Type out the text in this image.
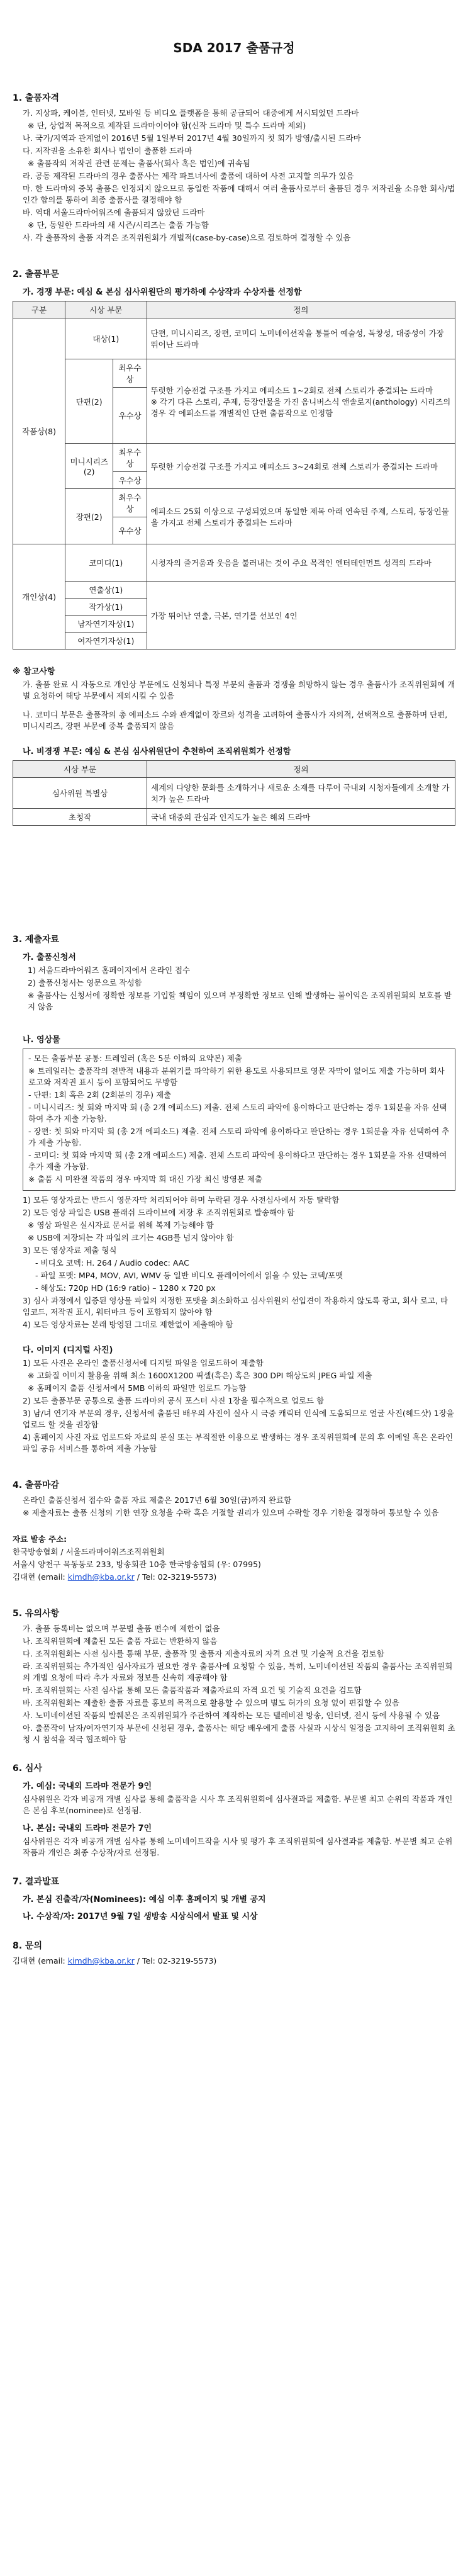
SDA 2017 출품규정
1. 출품자격
가. 지상파, 케이블, 인터넷, 모바일 등 비디오 플랫폼을 통해 공급되어 대중에게 서시되었던 드라마
※ 단, 상업적 목적으로 제작된 드라마이어야 함(신작 드라마 및 특수 드라마 제외)
나. 국가/지역과 관계없이 2016년 5월 1일부터 2017년 4월 30일까지 첫 회가 방영/출시된 드라마
다. 저작권을 소유한 회사나 법인이 출품한 드라마
※ 출품작의 저작권 관련 문제는 출품사(회사 혹은 법인)에 귀속됨
라. 공동 제작된 드라마의 경우 출품사는 제작 파트너사에 출품에 대하여 사전 고지할 의무가 있음
마. 한 드라마의 중복 출품은 인정되지 않으므로 동일한 작품에 대해서 여러 출품사로부터 출품된 경우 저작권을 소유한 회사/법인간 합의를 통하여 최종 출품사를 결정해야 함
바. 역대 서울드라마어워즈에 출품되지 않았던 드라마
※ 단, 동일한 드라마의 새 시즌/시리즈는 출품 가능함
사. 각 출품작의 출품 자격은 조직위원회가 개별적(case-by-case)으로 검토하여 결정할 수 있음
2. 출품부문
가. 경쟁 부문: 예심 & 본심 심사위원단의 평가하에 수상작과 수상자를 선정함
구분	시상 부문		정의
작품상(8)	대상(1)		단편, 미니시리즈, 장편, 코미디 노미네이션작을 통틀어 예술성, 독창성, 대중성이 가장 뛰어난 드라마
	단편(2)	최우수상	뚜렷한 기승전결 구조를 가지고 에피소드 1~2회로 전체 스토리가 종결되는 드라마
※ 각기 다른 스토리, 주제, 등장인물을 가진 옴니버스식 앤솔로지(anthology) 시리즈의 경우 각 에피소드를 개별적인 단편 출품작으로 인정함

		우수상	
	미니시리즈(2)	최우수상	뚜렷한 기승전결 구조를 가지고 에피소드 3~24회로 전체 스토리가 종결되는 드라마
		우수상	
	장편(2)	최우수상	에피소드 25회 이상으로 구성되었으며 동일한 제목 아래 연속된 주제, 스토리, 등장인물을 가지고 전체 스토리가 종결되는 드라마
		우수상	
개인상(4)	코미디(1)		시청자의 즐거움과 웃음을 불러내는 것이 주요 목적인 엔터테인먼트 성격의 드라마
	연출상(1)		가장 뛰어난 연출, 극본, 연기를 선보인 4인
	작가상(1)		
	남자연기자상(1)		
	여자연기자상(1)		
※ 참고사항
가. 출품 완료 시 자동으로 개인상 부문에도 신청되나 특정 부문의 출품과 경쟁을 희망하지 않는 경우 출품사가 조직위원회에 개별 요청하여 해당 부문에서 제외시킬 수 있음
나. 코미디 부문은 출품작의 총 에피소드 수와 관계없이 장르와 성격을 고려하여 출품사가 자의적, 선택적으로 출품하며 단편, 미니시리즈, 장편 부문에 중복 출품되지 않음
나. 비경쟁 부문: 예심 & 본심 심사위원단이 추천하여 조직위원회가 선정함
시상 부문	정의
심사위원 특별상	세계의 다양한 문화를 소개하거나 새로운 소재를 다루어 국내외 시청자들에게 소개할 가치가 높은 드라마
초청작	국내 대중의 관심과 인지도가 높은 해외 드라마
3. 제출자료
가. 출품신청서
1) 서울드라마어워즈 홈페이지에서 온라인 접수
2) 출품신청서는 영문으로 작성함
※ 출품사는 신청서에 정확한 정보를 기입할 책임이 있으며 부정확한 정보로 인해 발생하는 불이익은 조직위원회의 보호를 받지 않음
나. 영상물
- 모든 출품부문 공통: 트레일러 (혹은 5분 이하의 요약본) 제출
※ 트레일러는 출품작의 전반적 내용과 분위기를 파악하기 위한 용도로 사용되므로 영문 자막이 없어도 제출 가능하며 회사 로고와 저작권 표시 등이 포함되어도 무방함
- 단편: 1회 혹은 2회 (2회분의 경우) 제출
- 미니시리즈: 첫 회와 마지막 회 (총 2개 에피소드) 제출. 전체 스토리 파악에 용이하다고 판단하는 경우 1회분을 자유 선택하여 추가 제출 가능함.
- 장편: 첫 회와 마지막 회 (총 2개 에피소드) 제출. 전체 스토리 파악에 용이하다고 판단하는 경우 1회분을 자유 선택하여 추가 제출 가능함.
- 코미디: 첫 회와 마지막 회 (총 2개 에피소드) 제출. 전체 스토리 파악에 용이하다고 판단하는 경우 1회분을 자유 선택하여 추가 제출 가능함.
※ 출품 시 미완결 작품의 경우 마지막 회 대신 가장 최신 방영분 제출
1) 모든 영상자료는 반드시 영문자막 처리되어야 하며 누락된 경우 사전심사에서 자동 탈락함
2) 모든 영상 파일은 USB 플래쉬 드라이브에 저장 후 조직위원회로 발송해야 함
※ 영상 파일은 실시자료 문서를 위해 복제 가능해야 함
※ USB에 저장되는 각 파일의 크기는 4GB를 넘지 않아야 함
3) 모든 영상자료 제출 형식
- 비디오 코덱: H. 264 / Audio codec: AAC
- 파일 포맷: MP4, MOV, AVI, WMV 등 일반 비디오 플레이어에서 읽을 수 있는 코덱/포맷
- 해상도: 720p HD (16:9 ratio) – 1280 x 720 px
3) 심사 과정에서 입증된 영상물 파일의 지정한 포맷을 최소화하고 심사위원의 선입견이 작용하지 않도록 광고, 회사 로고, 타임코드, 저작권 표시, 워터마크 등이 포함되지 않아야 함
4) 모든 영상자료는 본래 방영된 그대로 제한없이 제출해야 함
다. 이미지 (디지털 사진)
1) 모든 사진은 온라인 출품신청서에 디지털 파일을 업로드하여 제출함
※ 고화질 이미지 활용을 위해 최소 1600X1200 픽셀(혹은) 혹은 300 DPI 해상도의 JPEG 파일 제출
※ 홈페이지 출품 신청서에서 5MB 이하의 파일만 업로드 가능함
2) 모든 출품부문 공통으로 출품 드라마의 공식 포스터 사진 1장을 필수적으로 업로드 함
3) 남/녀 연기자 부문의 경우, 신청서에 출품된 배우의 사진이 실사 시 극중 캐릭터 인식에 도움되므로 얼굴 사진(헤드샷) 1장을 업로드 할 것을 권장함
4) 홈페이지 사진 자료 업로드와 자료의 분실 또는 부적절한 이용으로 발생하는 경우 조직위원회에 문의 후 이메일 혹은 온라인 파일 공유 서비스를 통하여 제출 가능함
4. 출품마감
온라인 출품신청서 접수와 출품 자료 제출은 2017년 6월 30일(금)까지 완료함
※ 제출자료는 출품 신청의 기한 연장 요청을 수락 혹은 거절할 권리가 있으며 수락할 경우 기한을 결정하여 통보할 수 있음
자료 발송 주소:
한국방송협회 / 서울드라마어워즈조직위원회
서울시 양천구 목동동로 233, 방송회관 10층 한국방송협회 (우: 07995)
김대현 (email: kimdh@kba.or.kr / Tel: 02-3219-5573)
5. 유의사항
가. 출품 등록비는 없으며 부문별 출품 편수에 제한이 없음
나. 조직위원회에 제출된 모든 출품 자료는 반환하지 않음
다. 조직위원회는 사전 심사를 통해 부문, 출품작 및 출품자 제출자료의 자격 요건 및 기술적 요건을 검토함
라. 조직위원회는 추가적인 심사자료가 필요한 경우 출품사에 요청할 수 있음, 특히, 노미네이션된 작품의 출품사는 조직위원회의 개별 요청에 따라 추가 자료와 정보를 신속히 제공해야 함
마. 조직위원회는 사전 심사를 통해 모든 출품작품과 제출자료의 자격 요건 및 기술적 요건을 검토함
바. 조직위원회는 제출한 출품 자료를 홍보의 목적으로 활용할 수 있으며 별도 허가의 요청 없이 편집할 수 있음
사. 노미네이션된 작품의 발췌본은 조직위원회가 주관하여 제작하는 모든 텔레비전 방송, 인터넷, 전시 등에 사용될 수 있음
아. 출품작이 남자/여자연기자 부문에 신청된 경우, 출품사는 해당 배우에게 출품 사실과 시상식 일정을 고지하여 조직위원회 초청 시 참석을 적극 협조해야 함
6. 심사
가. 예심: 국내외 드라마 전문가 9인
심사위원은 각자 비공개 개별 심사를 통해 출품작을 시사 후 조직위원회에 심사결과를 제출함. 부문별 최고 순위의 작품과 개인은 본심 후보(nominee)로 선정됨.
나. 본심: 국내외 드라마 전문가 7인
심사위원은 각자 비공개 개별 심사를 통해 노미네이트작을 시사 및 평가 후 조직위원회에 심사결과를 제출함. 부문별 최고 순위 작품과 개인은 최종 수상작/자로 선정됨.
7. 결과발표
가. 본심 진출작/자(Nominees): 예심 이후 홈페이지 및 개별 공지
나. 수상작/자: 2017년 9월 7일 생방송 시상식에서 발표 및 시상
8. 문의
김대현 (email: kimdh@kba.or.kr / Tel: 02-3219-5573)
